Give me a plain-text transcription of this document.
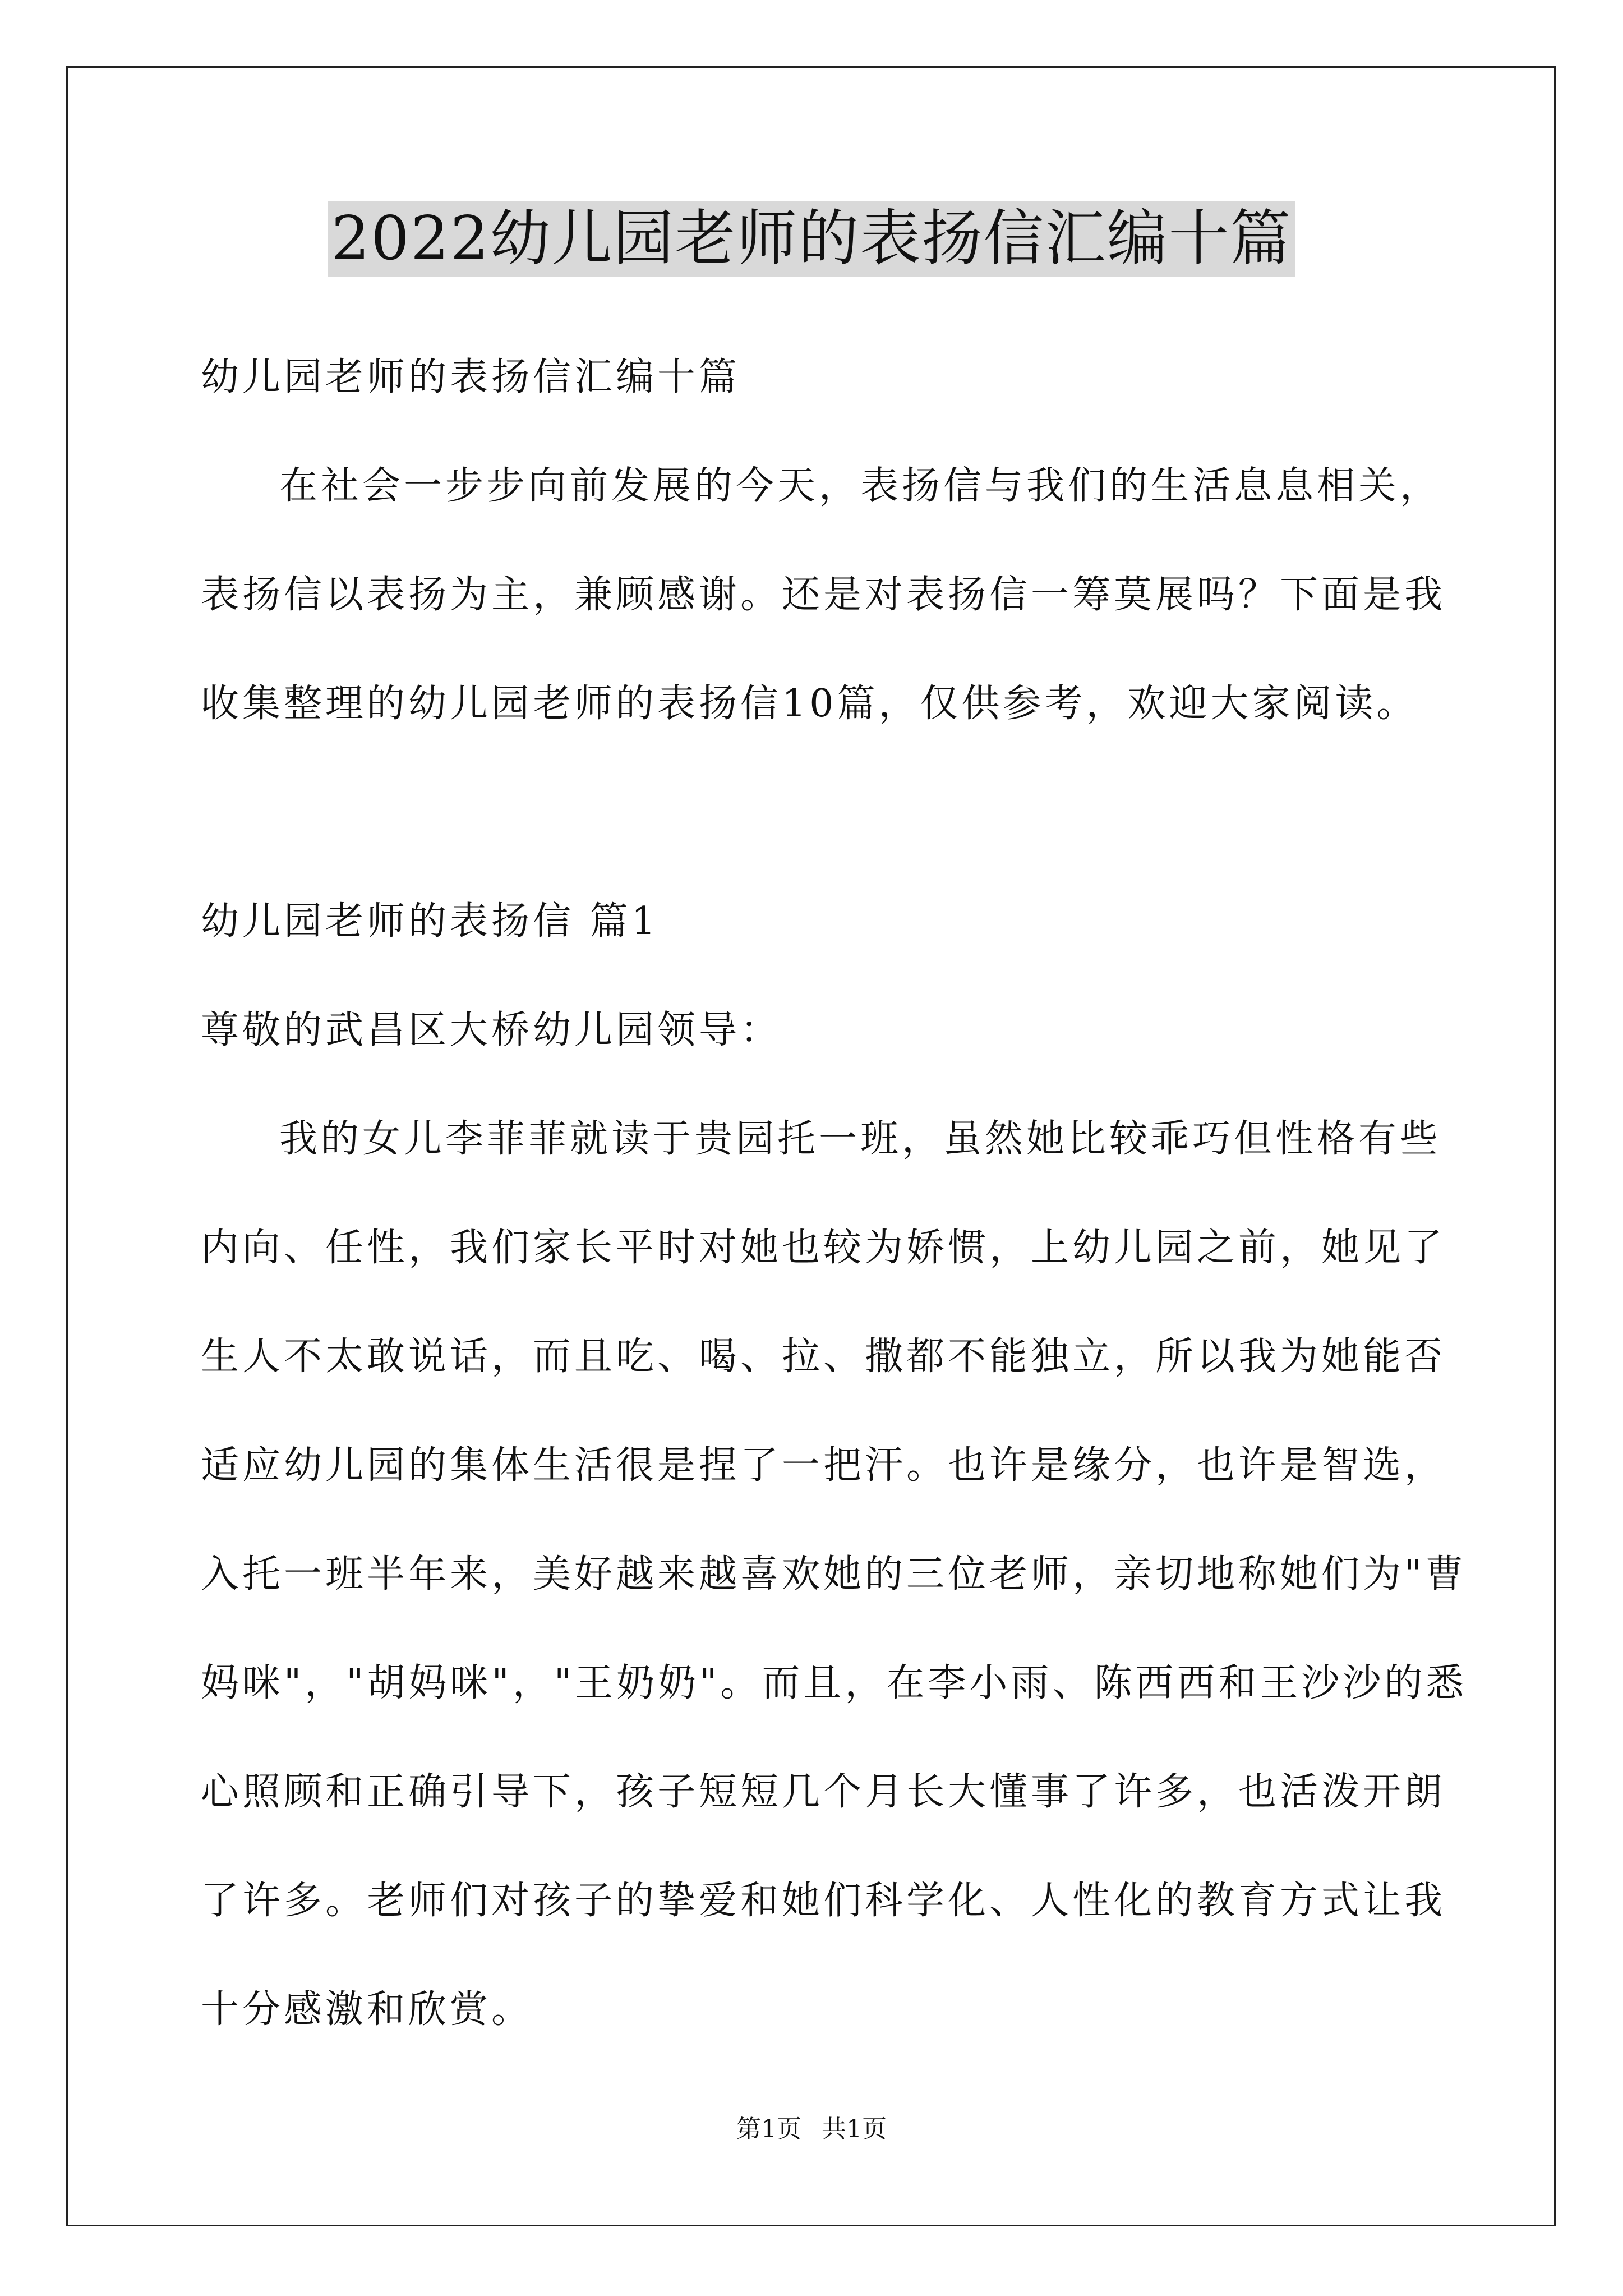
2022幼儿园老师的表扬信汇编十篇
幼儿园老师的表扬信汇编十篇
在社会一步步向前发展的今天，表扬信与我们的生活息息相关，
表扬信以表扬为主，兼顾感谢。还是对表扬信一筹莫展吗？下面是我
收集整理的幼儿园老师的表扬信10篇，仅供参考，欢迎大家阅读。
幼儿园老师的表扬信 篇1
尊敬的武昌区大桥幼儿园领导：
我的女儿李菲菲就读于贵园托一班，虽然她比较乖巧但性格有些
内向、任性，我们家长平时对她也较为娇惯，上幼儿园之前，她见了
生人不太敢说话，而且吃、喝、拉、撒都不能独立，所以我为她能否
适应幼儿园的集体生活很是捏了一把汗。也许是缘分，也许是智选，
入托一班半年来，美好越来越喜欢她的三位老师，亲切地称她们为"曹
妈咪"，"胡妈咪"，"王奶奶"。而且，在李小雨、陈西西和王沙沙的悉
心照顾和正确引导下，孩子短短几个月长大懂事了许多，也活泼开朗
了许多。老师们对孩子的挚爱和她们科学化、人性化的教育方式让我
十分感激和欣赏。
第1页 共1页
